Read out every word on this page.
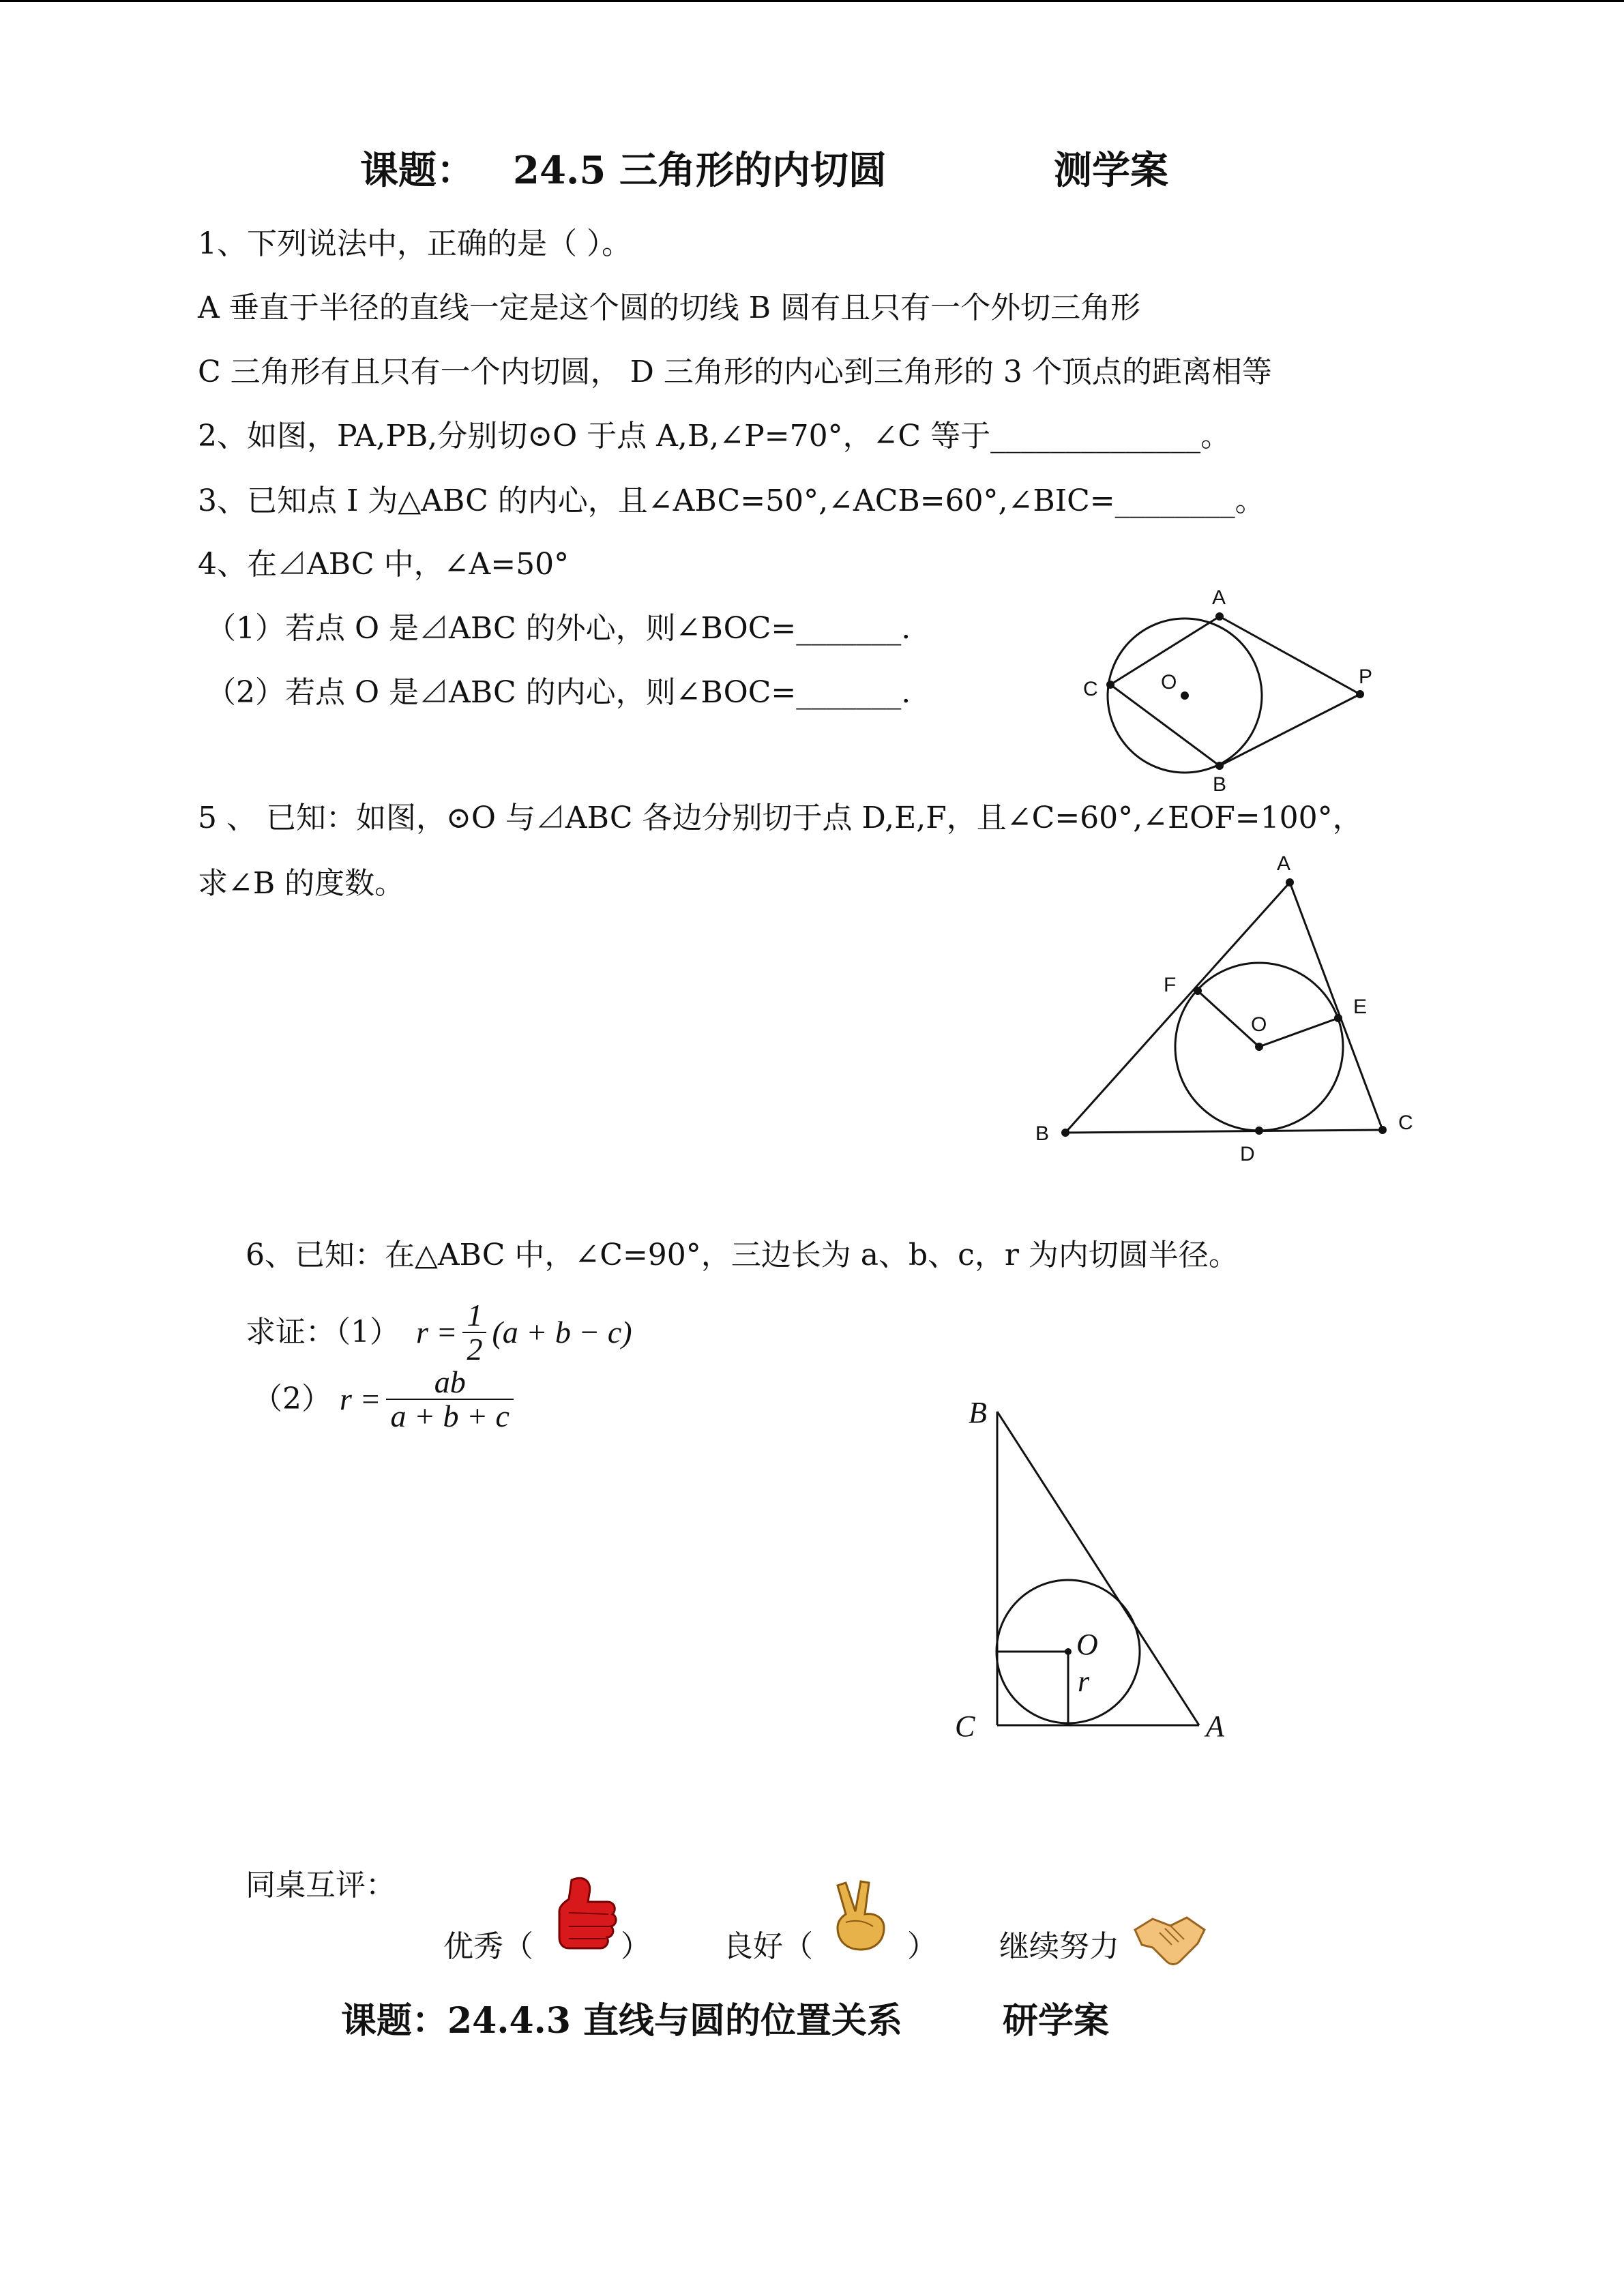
课题： 24.5 三角形的内切圆	测学案
1、下列说法中，正确的是（ ）。
A 垂直于半径的直线一定是这个圆的切线 B 圆有且只有一个外切三角形
C 三角形有且只有一个内切圆， D 三角形的内心到三角形的 3 个顶点的距离相等
2、如图，PA,PB,分别切⊙O 于点 A,B,∠P=70°，∠C 等于______________。
3、已知点 I 为△ABC 的内心，且∠ABC=50°,∠ACB=60°,∠BIC=________。
4、在⊿ABC 中，∠A=50°
（1）若点 O 是⊿ABC 的外心，则∠BOC=_______.
（2）若点 O 是⊿ABC 的内心，则∠BOC=_______.
A
P
B
C	O
5 、 已知：如图，⊙O 与⊿ABC 各边分别切于点 D,E,F，且∠C=60°,∠EOF=100°，
求∠B 的度数。
A
B	C
D
E
F
O
6、已知：在△ABC 中，∠C=90°，三边长为 a、b、c，r 为内切圆半径。
求证：（1） $r = \frac{1}{2} (a + b - c)$
（2） $r = \frac{ab}{a + b + c}$	B
C	A
O
r
同桌互评：
优秀（	） 良好（	） 继续努力
课题：24.4.3 直线与圆的位置关系	研学案
